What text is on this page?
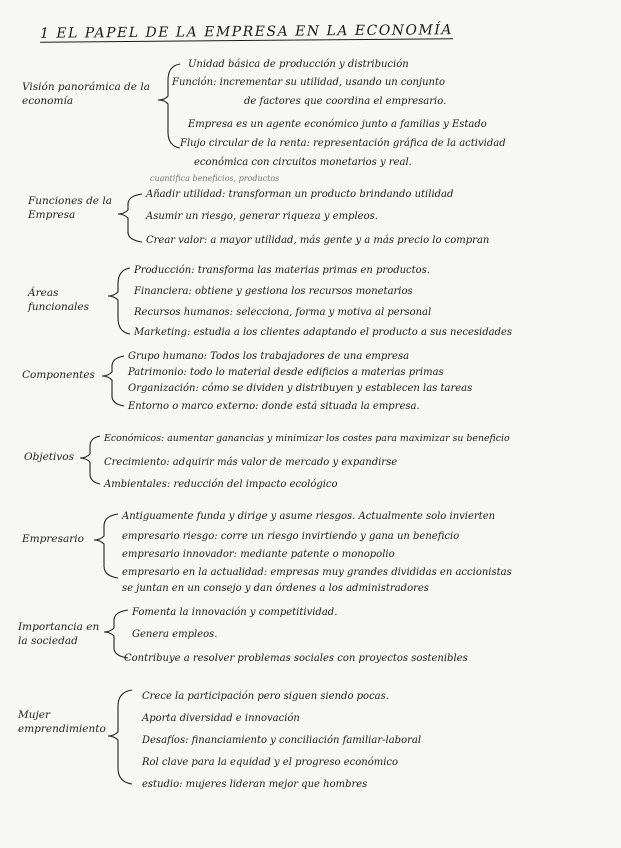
1 EL PAPEL DE LA EMPRESA EN LA ECONOMÍA
Visión panorámica de la economía
Unidad básica de producción y distribución
Función: incrementar su utilidad, usando un conjunto
de factores que coordina el empresario.
Empresa es un agente económico junto a familias y Estado
Flujo circular de la renta: representación gráfica de la actividad
económica con circuitos monetarios y real.
Funciones de la Empresa
cuantifica beneficios, productos
Añadir utilidad: transforman un producto brindando utilidad
Asumir un riesgo, generar riqueza y empleos.
Crear valor: a mayor utilidad, más gente y a más precio lo compran
Áreas funcionales
Producción: transforma las materias primas en productos.
Financiera: obtiene y gestiona los recursos monetarios
Recursos humanos: selecciona, forma y motiva al personal
Marketing: estudia a los clientes adaptando el producto a sus necesidades
Componentes
Grupo humano: Todos los trabajadores de una empresa
Patrimonio: todo lo material desde edificios a materias primas
Organización: cómo se dividen y distribuyen y establecen las tareas
Entorno o marco externo: donde está situada la empresa.
Objetivos
Económicos: aumentar ganancias y minimizar los costes para maximizar su beneficio
Crecimiento: adquirir más valor de mercado y expandirse
Ambientales: reducción del impacto ecológico
Empresario
Antiguamente funda y dirige y asume riesgos. Actualmente solo invierten
empresario riesgo: corre un riesgo invirtiendo y gana un beneficio
empresario innovador: mediante patente o monopolio
empresario en la actualidad: empresas muy grandes divididas en accionistas
se juntan en un consejo y dan órdenes a los administradores
Importancia en la sociedad
Fomenta la innovación y competitividad.
Genera empleos.
Contribuye a resolver problemas sociales con proyectos sostenibles
Mujer emprendimiento
Crece la participación pero siguen siendo pocas.
Aporta diversidad e innovación
Desafíos: financiamiento y conciliación familiar-laboral
Rol clave para la equidad y el progreso económico
estudio: mujeres lideran mejor que hombres
